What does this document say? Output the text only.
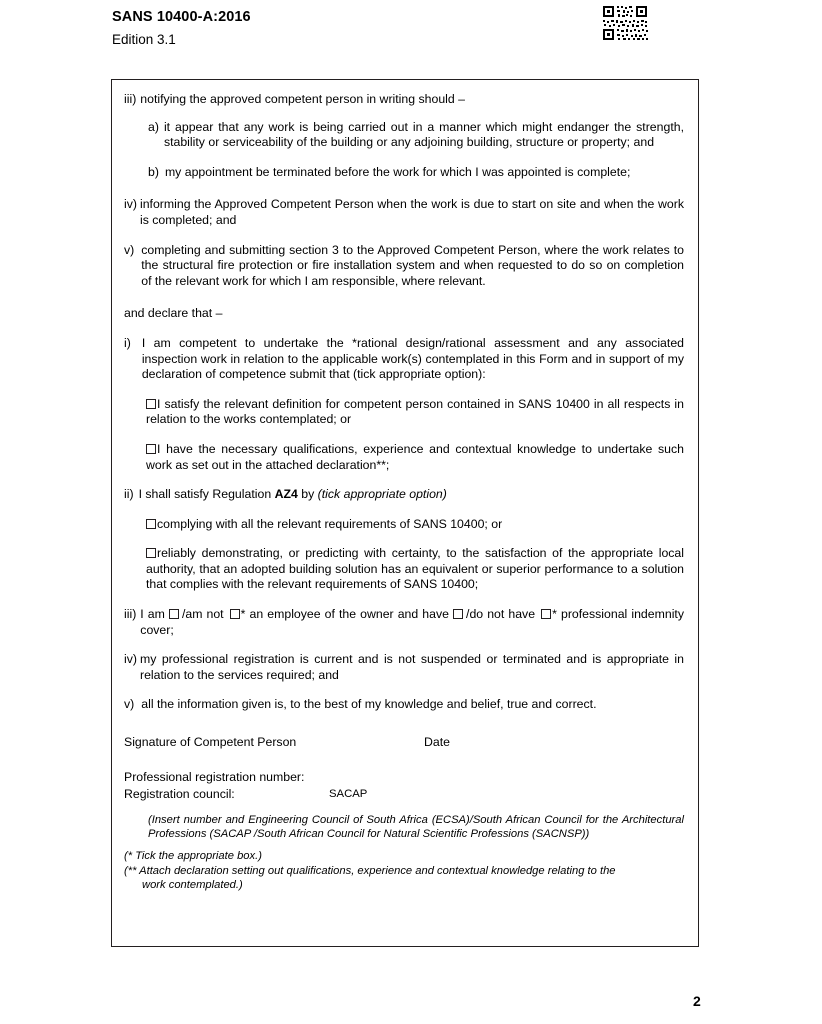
SANS 10400-A:2016
Edition 3.1
iii) notifying the approved competent person in writing should –
a) it appear that any work is being carried out in a manner which might endanger the strength, stability or serviceability of the building or any adjoining building, structure or property; and
b) my appointment be terminated before the work for which I was appointed is complete;
iv) informing the Approved Competent Person when the work is due to start on site and when the work is completed; and
v) completing and submitting section 3 to the Approved Competent Person, where the work relates to the structural fire protection or fire installation system and when requested to do so on completion of the relevant work for which I am responsible, where relevant.
and declare that –
i) I am competent to undertake the *rational design/rational assessment and any associated inspection work in relation to the applicable work(s) contemplated in this Form and in support of my declaration of competence submit that (tick appropriate option):
I satisfy the relevant definition for competent person contained in SANS 10400 in all respects in relation to the works contemplated; or
I have the necessary qualifications, experience and contextual knowledge to undertake such work as set out in the attached declaration**;
ii) I shall satisfy Regulation AZ4 by (tick appropriate option)
complying with all the relevant requirements of SANS 10400; or
reliably demonstrating, or predicting with certainty, to the satisfaction of the appropriate local authority, that an adopted building solution has an equivalent or superior performance to a solution that complies with the relevant requirements of SANS 10400;
iii) I am /am not * an employee of the owner and have /do not have * professional indemnity cover;
iv) my professional registration is current and is not suspended or terminated and is appropriate in relation to the services required; and
v) all the information given is, to the best of my knowledge and belief, true and correct.
Signature of Competent Person	Date
Professional registration number:
Registration council:	SACAP
(Insert number and Engineering Council of South Africa (ECSA)/South African Council for the Architectural Professions (SACAP /South African Council for Natural Scientific Professions (SACNSP))
(* Tick the appropriate box.)
(** Attach declaration setting out qualifications, experience and contextual knowledge relating to the
work contemplated.)
2
